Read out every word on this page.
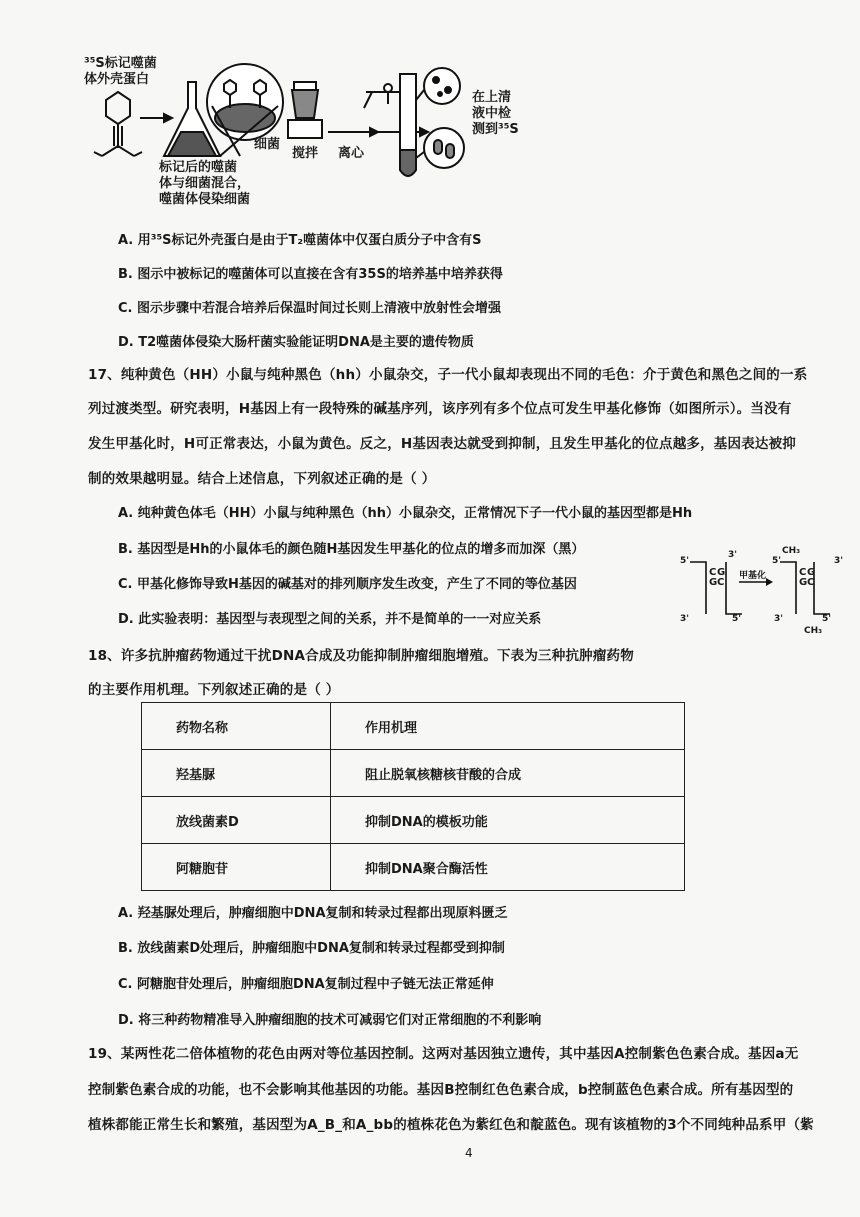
³⁵S标记噬菌
体外壳蛋白
细菌
搅拌 离心
在上清
液中检
测到³⁵S
标记后的噬菌
体与细菌混合，
噬菌体侵染细菌
A. 用³⁵S标记外壳蛋白是由于T₂噬菌体中仅蛋白质分子中含有S
B. 图示中被标记的噬菌体可以直接在含有35S的培养基中培养获得
C. 图示步骤中若混合培养后保温时间过长则上清液中放射性会增强
D. T2噬菌体侵染大肠杆菌实验能证明DNA是主要的遗传物质
17、纯种黄色（HH）小鼠与纯种黑色（hh）小鼠杂交，子一代小鼠却表现出不同的毛色：介于黄色和黑色之间的一系
列过渡类型。研究表明，H基因上有一段特殊的碱基序列，该序列有多个位点可发生甲基化修饰（如图所示）。当没有
发生甲基化时，H可正常表达，小鼠为黄色。反之，H基因表达就受到抑制，且发生甲基化的位点越多，基因表达被抑
制的效果越明显。结合上述信息，下列叙述正确的是（ ）
A. 纯种黄色体毛（HH）小鼠与纯种黑色（hh）小鼠杂交，正常情况下子一代小鼠的基因型都是Hh
B. 基因型是Hh的小鼠体毛的颜色随H基因发生甲基化的位点的增多而加深（黑）
C. 甲基化修饰导致H基因的碱基对的排列顺序发生改变，产生了不同的等位基因
D. 此实验表明：基因型与表现型之间的关系，并不是简单的一一对应关系
5'
3'
3'	5'
5'	3'
3'	5'
甲基化
CH₃
CH₃
C
G
G
C
C
G
G
C
18、许多抗肿瘤药物通过干扰DNA合成及功能抑制肿瘤细胞增殖。下表为三种抗肿瘤药物
的主要作用机理。下列叙述正确的是（ ）
药物名称	作用机理
羟基脲	阻止脱氧核糖核苷酸的合成
放线菌素D	抑制DNA的模板功能
阿糖胞苷	抑制DNA聚合酶活性
A. 羟基脲处理后，肿瘤细胞中DNA复制和转录过程都出现原料匮乏
B. 放线菌素D处理后，肿瘤细胞中DNA复制和转录过程都受到抑制
C. 阿糖胞苷处理后，肿瘤细胞DNA复制过程中子链无法正常延伸
D. 将三种药物精准导入肿瘤细胞的技术可减弱它们对正常细胞的不利影响
19、某两性花二倍体植物的花色由两对等位基因控制。这两对基因独立遗传，其中基因A控制紫色色素合成。基因a无
控制紫色素合成的功能，也不会影响其他基因的功能。基因B控制红色色素合成，b控制蓝色色素合成。所有基因型的
植株都能正常生长和繁殖，基因型为A_B_和A_bb的植株花色为紫红色和靛蓝色。现有该植物的3个不同纯种品系甲（紫
4
